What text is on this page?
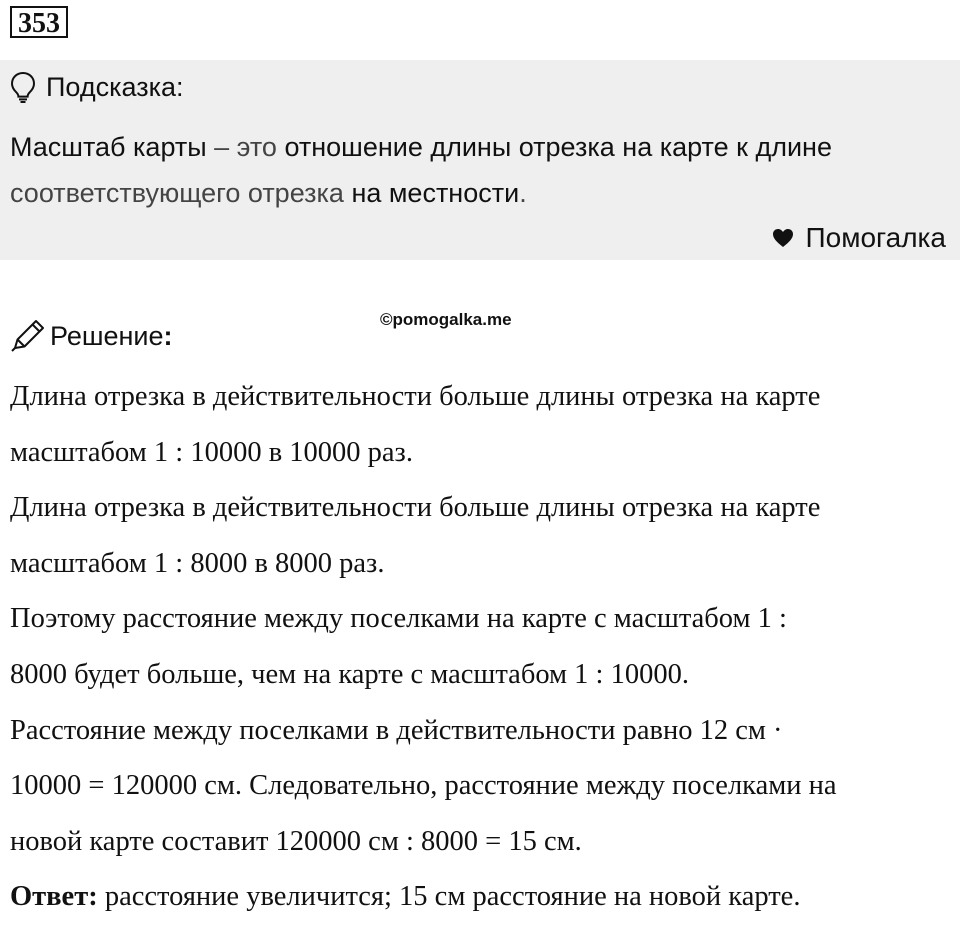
353
Подсказка:
Масштаб карты – это отношение длины отрезка на карте к длине соответствующего отрезка на местности.
Помогалка
©pomogalka.me
Решение :
Длина отрезка в действительности больше длины отрезка на карте
масштабом 1 : 10000 в 10000 раз.
Длина отрезка в действительности больше длины отрезка на карте
масштабом 1 : 8000 в 8000 раз.
Поэтому расстояние между поселками на карте с масштабом 1 :
8000 будет больше, чем на карте с масштабом 1 : 10000.
Расстояние между поселками в действительности равно 12 см ·
10000 = 120000 см. Следовательно, расстояние между поселками на
новой карте составит 120000 см : 8000 = 15 см.
Ответ: расстояние увеличится; 15 см расстояние на новой карте.
